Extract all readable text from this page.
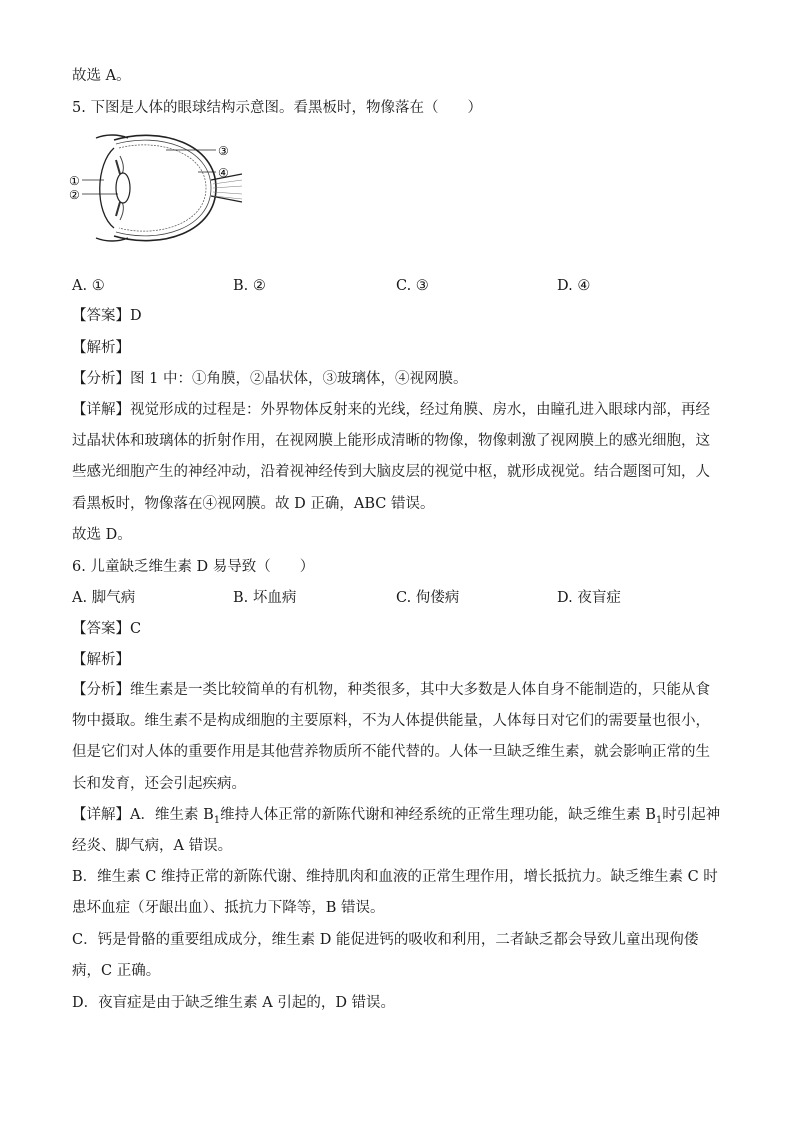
故选 A。
5. 下图是人体的眼球结构示意图。看黑板时，物像落在（　　）
③
④
①
②
A. ①	B. ②	C. ③	D. ④
【答案】D
【解析】
【分析】图 1 中：①角膜，②晶状体，③玻璃体，④视网膜。
【详解】视觉形成的过程是：外界物体反射来的光线，经过角膜、房水，由瞳孔进入眼球内部，再经过晶状体和玻璃体的折射作用，在视网膜上能形成清晰的物像，物像刺激了视网膜上的感光细胞，这些感光细胞产生的神经冲动，沿着视神经传到大脑皮层的视觉中枢，就形成视觉。结合题图可知，人看黑板时，物像落在④视网膜。故 D 正确，ABC 错误。
故选 D。
6. 儿童缺乏维生素 D 易导致（　　）
A. 脚气病	B. 坏血病	C. 佝偻病	D. 夜盲症
【答案】C
【解析】
【分析】维生素是一类比较简单的有机物，种类很多，其中大多数是人体自身不能制造的，只能从食物中摄取。维生素不是构成细胞的主要原料，不为人体提供能量，人体每日对它们的需要量也很小，但是它们对人体的重要作用是其他营养物质所不能代替的。人体一旦缺乏维生素，就会影响正常的生长和发育，还会引起疾病。
【详解】A．维生素 $B_1$维持人体正常的新陈代谢和神经系统的正常生理功能，缺乏维生素 $B_1$时引起神经炎、脚气病，A 错误。
B．维生素 C 维持正常的新陈代谢、维持肌肉和血液的正常生理作用，增长抵抗力。缺乏维生素 C 时患坏血症（牙龈出血）、抵抗力下降等，B 错误。
C．钙是骨骼的重要组成成分，维生素 D 能促进钙的吸收和利用，二者缺乏都会导致儿童出现佝偻病，C 正确。
D．夜盲症是由于缺乏维生素 A 引起的，D 错误。
